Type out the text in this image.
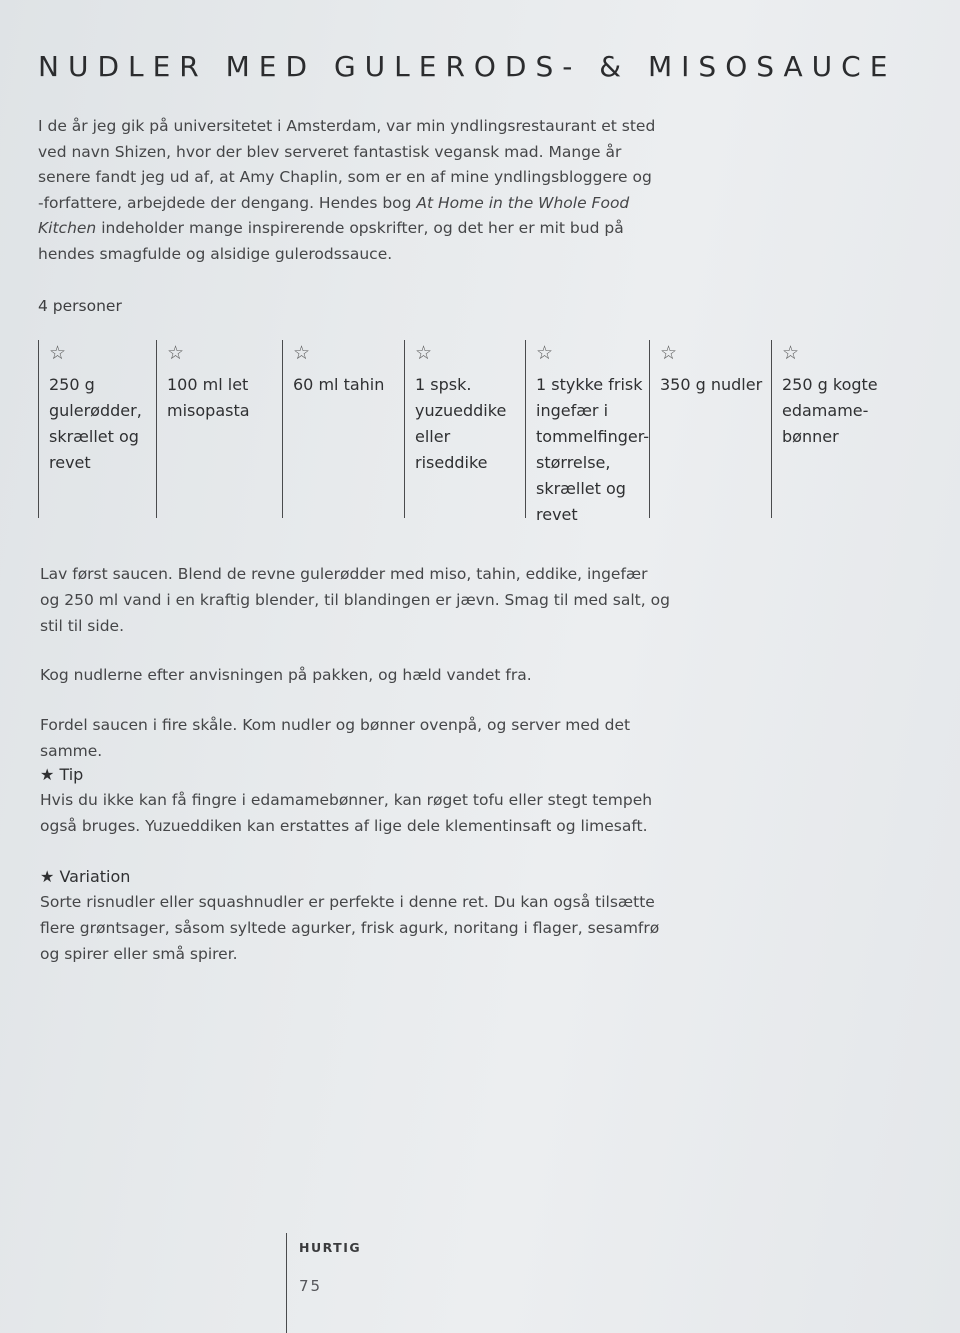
NUDLER MED GULERODS- & MISOSAUCE

I de år jeg gik på universitetet i Amsterdam, var min yndlingsrestaurant et sted ved navn Shizen, hvor der blev serveret fantastisk vegansk mad. Mange år senere fandt jeg ud af, at Amy Chaplin, som er en af mine yndlingsbloggere og -forfattere, arbejdede der dengang. Hendes bog At Home in the Whole Food Kitchen indeholder mange inspirerende opskrifter, og det her er mit bud på hendes smagfulde og alsidige gulerodssauce.

4 personer

☆
250 g gulerødder, skrællet og revet
☆
100 ml let misopasta
☆
60 ml tahin
☆
1 spsk. yuzueddike eller riseddike
☆
1 stykke frisk ingefær i tommelfinger-størrelse, skrællet og revet
☆
350 g nudler
☆
250 g kogte edamame-bønner

Lav først saucen. Blend de revne gulerødder med miso, tahin, eddike, ingefær og 250 ml vand i en kraftig blender, til blandingen er jævn. Smag til med salt, og stil til side.

Kog nudlerne efter anvisningen på pakken, og hæld vandet fra.

Fordel saucen i fire skåle. Kom nudler og bønner ovenpå, og server med det samme.

★ Tip

Hvis du ikke kan få fingre i edamamebønner, kan røget tofu eller stegt tempeh også bruges. Yuzueddiken kan erstattes af lige dele klementinsaft og limesaft.

★ Variation

Sorte risnudler eller squashnudler er perfekte i denne ret. Du kan også tilsætte flere grøntsager, såsom syltede agurker, frisk agurk, noritang i flager, sesamfrø og spirer eller små spirer.

HURTIG
75
